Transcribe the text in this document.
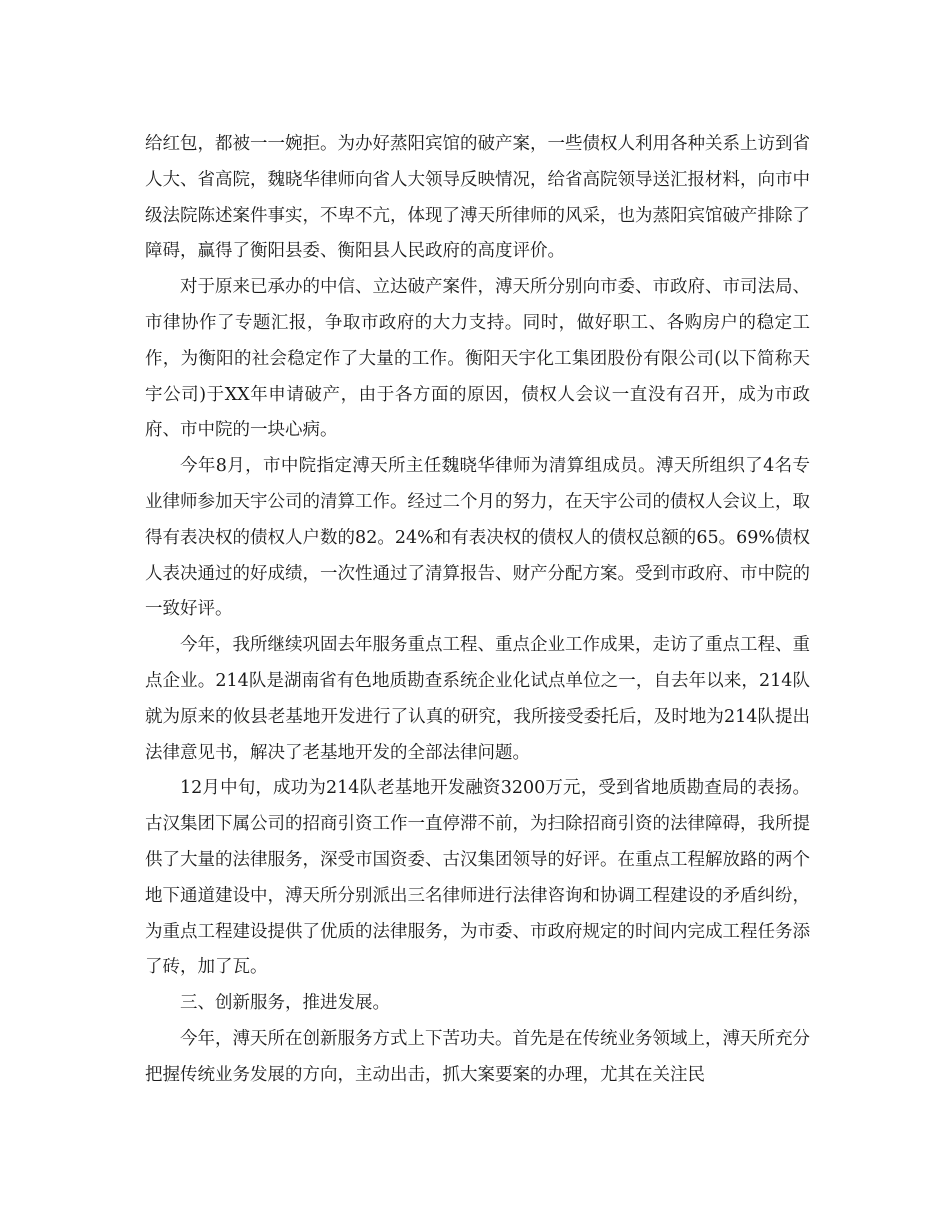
给红包，都被一一婉拒。为办好蒸阳宾馆的破产案，一些债权人利用各种关系上访到省人大、省高院，魏晓华律师向省人大领导反映情况，给省高院领导送汇报材料，向市中级法院陈述案件事实，不卑不亢，体现了溥天所律师的风采，也为蒸阳宾馆破产排除了障碍，赢得了衡阳县委、衡阳县人民政府的高度评价。

对于原来已承办的中信、立达破产案件，溥天所分别向市委、市政府、市司法局、市律协作了专题汇报，争取市政府的大力支持。同时，做好职工、各购房户的稳定工作，为衡阳的社会稳定作了大量的工作。衡阳天宇化工集团股份有限公司(以下简称天宇公司)于XX年申请破产，由于各方面的原因，债权人会议一直没有召开，成为市政府、市中院的一块心病。

今年8月，市中院指定溥天所主任魏晓华律师为清算组成员。溥天所组织了4名专业律师参加天宇公司的清算工作。经过二个月的努力，在天宇公司的债权人会议上，取得有表决权的债权人户数的82。24%和有表决权的债权人的债权总额的65。69%债权人表决通过的好成绩，一次性通过了清算报告、财产分配方案。受到市政府、市中院的一致好评。

今年，我所继续巩固去年服务重点工程、重点企业工作成果，走访了重点工程、重点企业。214队是湖南省有色地质勘查系统企业化试点单位之一，自去年以来，214队就为原来的攸县老基地开发进行了认真的研究，我所接受委托后，及时地为214队提出法律意见书，解决了老基地开发的全部法律问题。

12月中旬，成功为214队老基地开发融资3200万元，受到省地质勘查局的表扬。古汉集团下属公司的招商引资工作一直停滞不前，为扫除招商引资的法律障碍，我所提供了大量的法律服务，深受市国资委、古汉集团领导的好评。在重点工程解放路的两个地下通道建设中，溥天所分别派出三名律师进行法律咨询和协调工程建设的矛盾纠纷，为重点工程建设提供了优质的法律服务，为市委、市政府规定的时间内完成工程任务添了砖，加了瓦。

三、创新服务，推进发展。

今年，溥天所在创新服务方式上下苦功夫。首先是在传统业务领域上，溥天所充分把握传统业务发展的方向，主动出击，抓大案要案的办理，尤其在关注民
